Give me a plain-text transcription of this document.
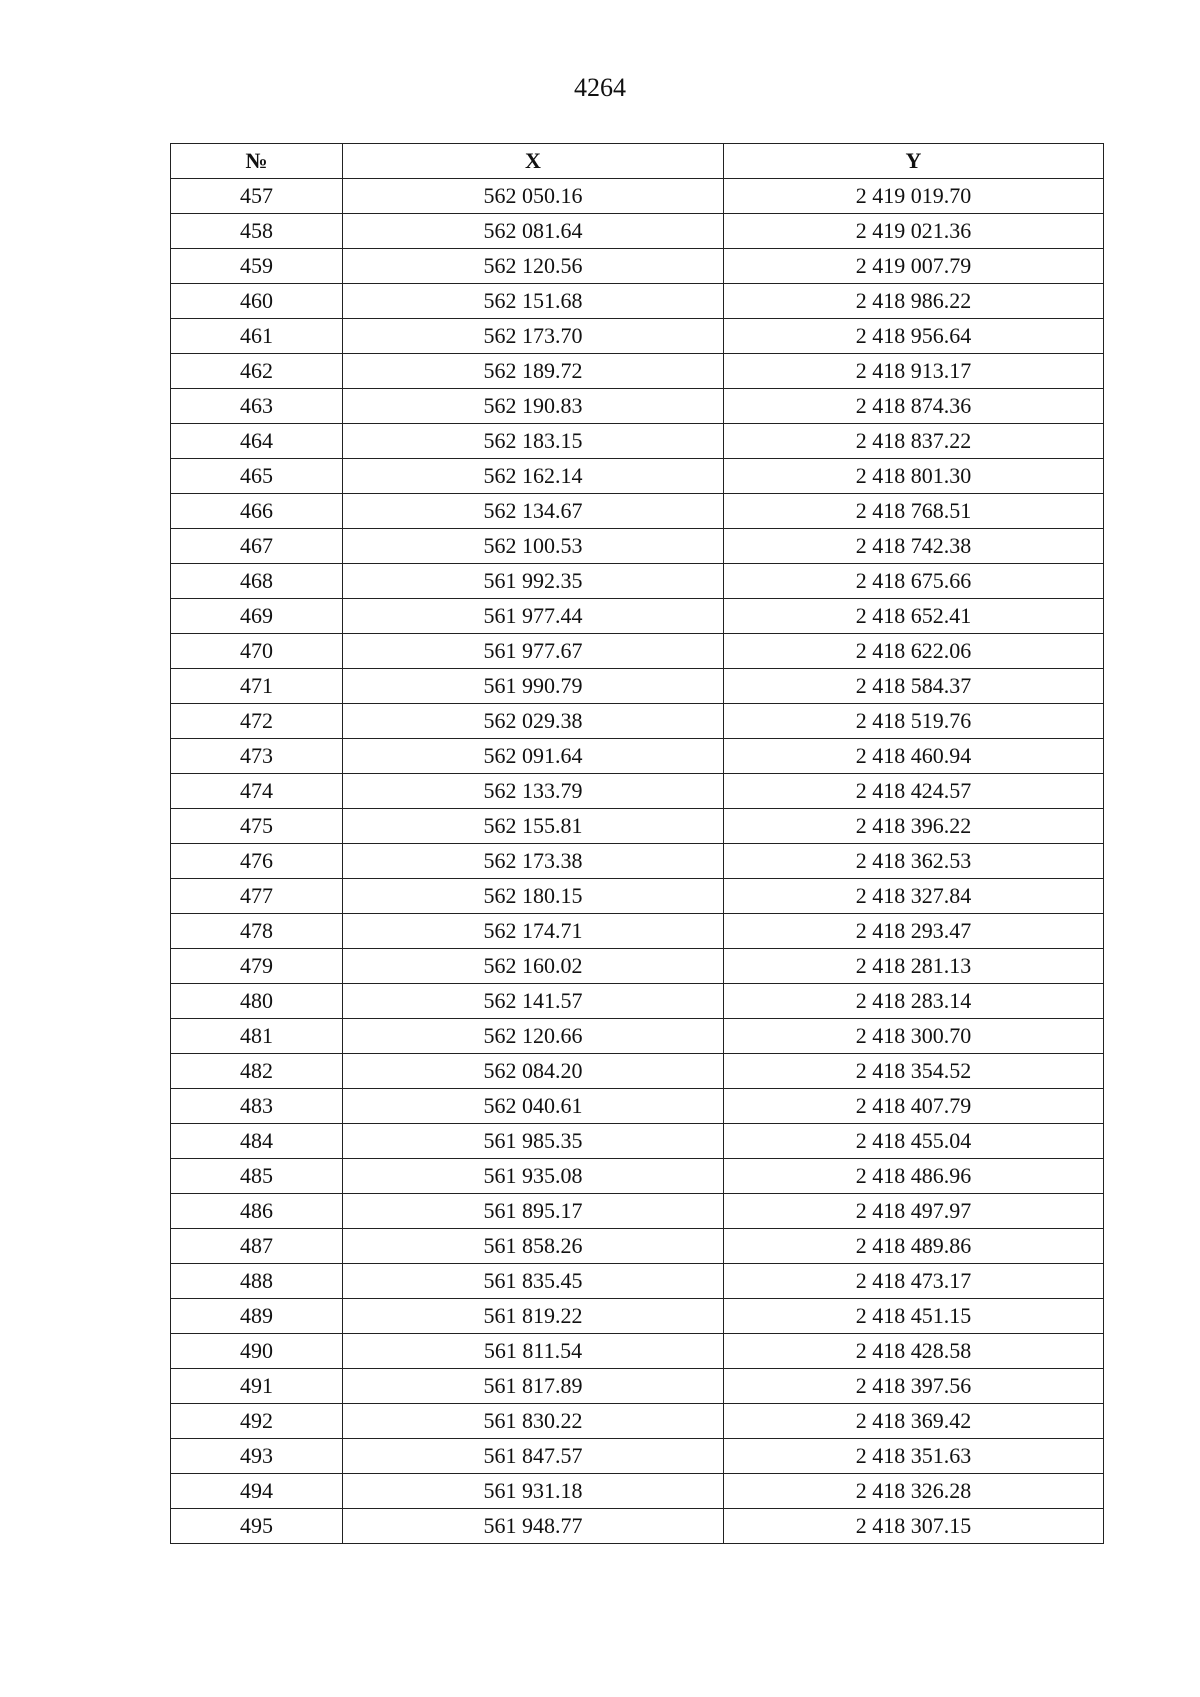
4264
№	X	Y
457	562 050.16	2 419 019.70
458	562 081.64	2 419 021.36
459	562 120.56	2 419 007.79
460	562 151.68	2 418 986.22
461	562 173.70	2 418 956.64
462	562 189.72	2 418 913.17
463	562 190.83	2 418 874.36
464	562 183.15	2 418 837.22
465	562 162.14	2 418 801.30
466	562 134.67	2 418 768.51
467	562 100.53	2 418 742.38
468	561 992.35	2 418 675.66
469	561 977.44	2 418 652.41
470	561 977.67	2 418 622.06
471	561 990.79	2 418 584.37
472	562 029.38	2 418 519.76
473	562 091.64	2 418 460.94
474	562 133.79	2 418 424.57
475	562 155.81	2 418 396.22
476	562 173.38	2 418 362.53
477	562 180.15	2 418 327.84
478	562 174.71	2 418 293.47
479	562 160.02	2 418 281.13
480	562 141.57	2 418 283.14
481	562 120.66	2 418 300.70
482	562 084.20	2 418 354.52
483	562 040.61	2 418 407.79
484	561 985.35	2 418 455.04
485	561 935.08	2 418 486.96
486	561 895.17	2 418 497.97
487	561 858.26	2 418 489.86
488	561 835.45	2 418 473.17
489	561 819.22	2 418 451.15
490	561 811.54	2 418 428.58
491	561 817.89	2 418 397.56
492	561 830.22	2 418 369.42
493	561 847.57	2 418 351.63
494	561 931.18	2 418 326.28
495	561 948.77	2 418 307.15
